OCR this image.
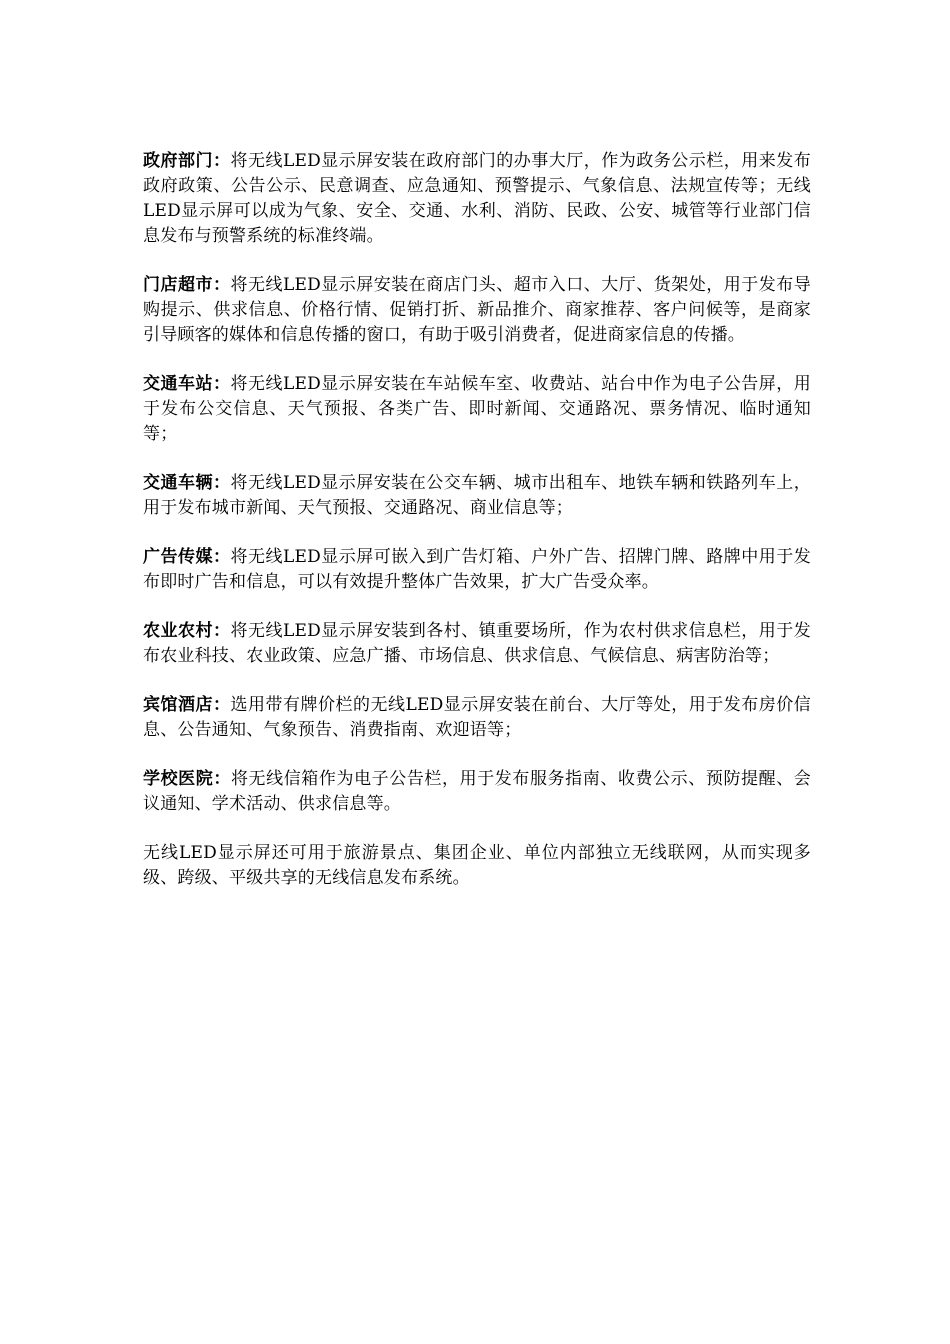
政府部门：将无线LED显示屏安装在政府部门的办事大厅，作为政务公示栏，用来发布政府政策、公告公示、民意调查、应急通知、预警提示、气象信息、法规宣传等；无线LED显示屏可以成为气象、安全、交通、水利、消防、民政、公安、城管等行业部门信息发布与预警系统的标准终端。

门店超市：将无线LED显示屏安装在商店门头、超市入口、大厅、货架处，用于发布导购提示、供求信息、价格行情、促销打折、新品推介、商家推荐、客户问候等，是商家引导顾客的媒体和信息传播的窗口，有助于吸引消费者，促进商家信息的传播。

交通车站：将无线LED显示屏安装在车站候车室、收费站、站台中作为电子公告屏，用于发布公交信息、天气预报、各类广告、即时新闻、交通路况、票务情况、临时通知等；

交通车辆：将无线LED显示屏安装在公交车辆、城市出租车、地铁车辆和铁路列车上，用于发布城市新闻、天气预报、交通路况、商业信息等；

广告传媒：将无线LED显示屏可嵌入到广告灯箱、户外广告、招牌门牌、路牌中用于发布即时广告和信息，可以有效提升整体广告效果，扩大广告受众率。

农业农村：将无线LED显示屏安装到各村、镇重要场所，作为农村供求信息栏，用于发布农业科技、农业政策、应急广播、市场信息、供求信息、气候信息、病害防治等；

宾馆酒店：选用带有牌价栏的无线LED显示屏安装在前台、大厅等处，用于发布房价信息、公告通知、气象预告、消费指南、欢迎语等；

学校医院：将无线信箱作为电子公告栏，用于发布服务指南、收费公示、预防提醒、会议通知、学术活动、供求信息等。

无线LED显示屏还可用于旅游景点、集团企业、单位内部独立无线联网，从而实现多级、跨级、平级共享的无线信息发布系统。
